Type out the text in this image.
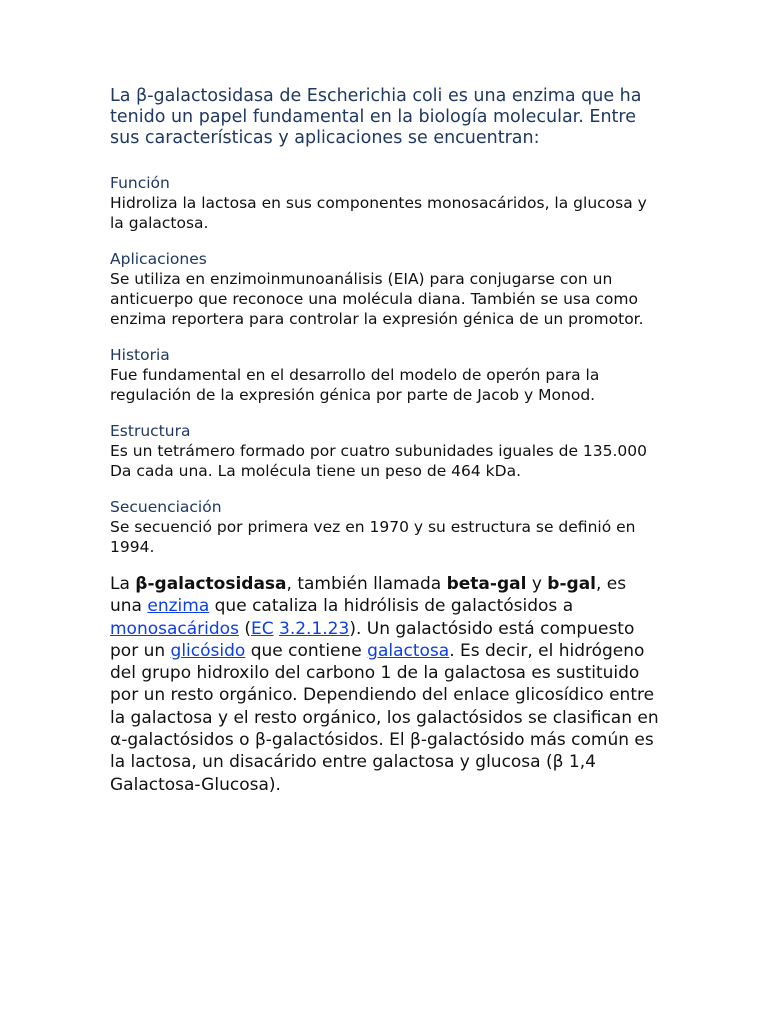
La β-galactosidasa de Escherichia coli es una enzima que ha tenido un papel fundamental en la biología molecular. Entre sus características y aplicaciones se encuentran:

Función

Hidroliza la lactosa en sus componentes monosacáridos, la glucosa y la galactosa.

Aplicaciones

Se utiliza en enzimoinmunoanálisis (EIA) para conjugarse con un anticuerpo que reconoce una molécula diana. También se usa como enzima reportera para controlar la expresión génica de un promotor.

Historia

Fue fundamental en el desarrollo del modelo de operón para la regulación de la expresión génica por parte de Jacob y Monod.

Estructura

Es un tetrámero formado por cuatro subunidades iguales de 135.000 Da cada una. La molécula tiene un peso de 464 kDa.

Secuenciación

Se secuenció por primera vez en 1970 y su estructura se definió en 1994.

La β-galactosidasa, también llamada beta-gal y b-gal, es una enzima que cataliza la hidrólisis de galactósidos a monosacáridos (EC 3.2.1.23). Un galactósido está compuesto por un glicósido que contiene galactosa. Es decir, el hidrógeno del grupo hidroxilo del carbono 1 de la galactosa es sustituido por un resto orgánico. Dependiendo del enlace glicosídico entre la galactosa y el resto orgánico, los galactósidos se clasifican en α-galactósidos o β-galactósidos. El β-galactósido más común es la lactosa, un disacárido entre galactosa y glucosa (β 1,4 Galactosa-Glucosa).
